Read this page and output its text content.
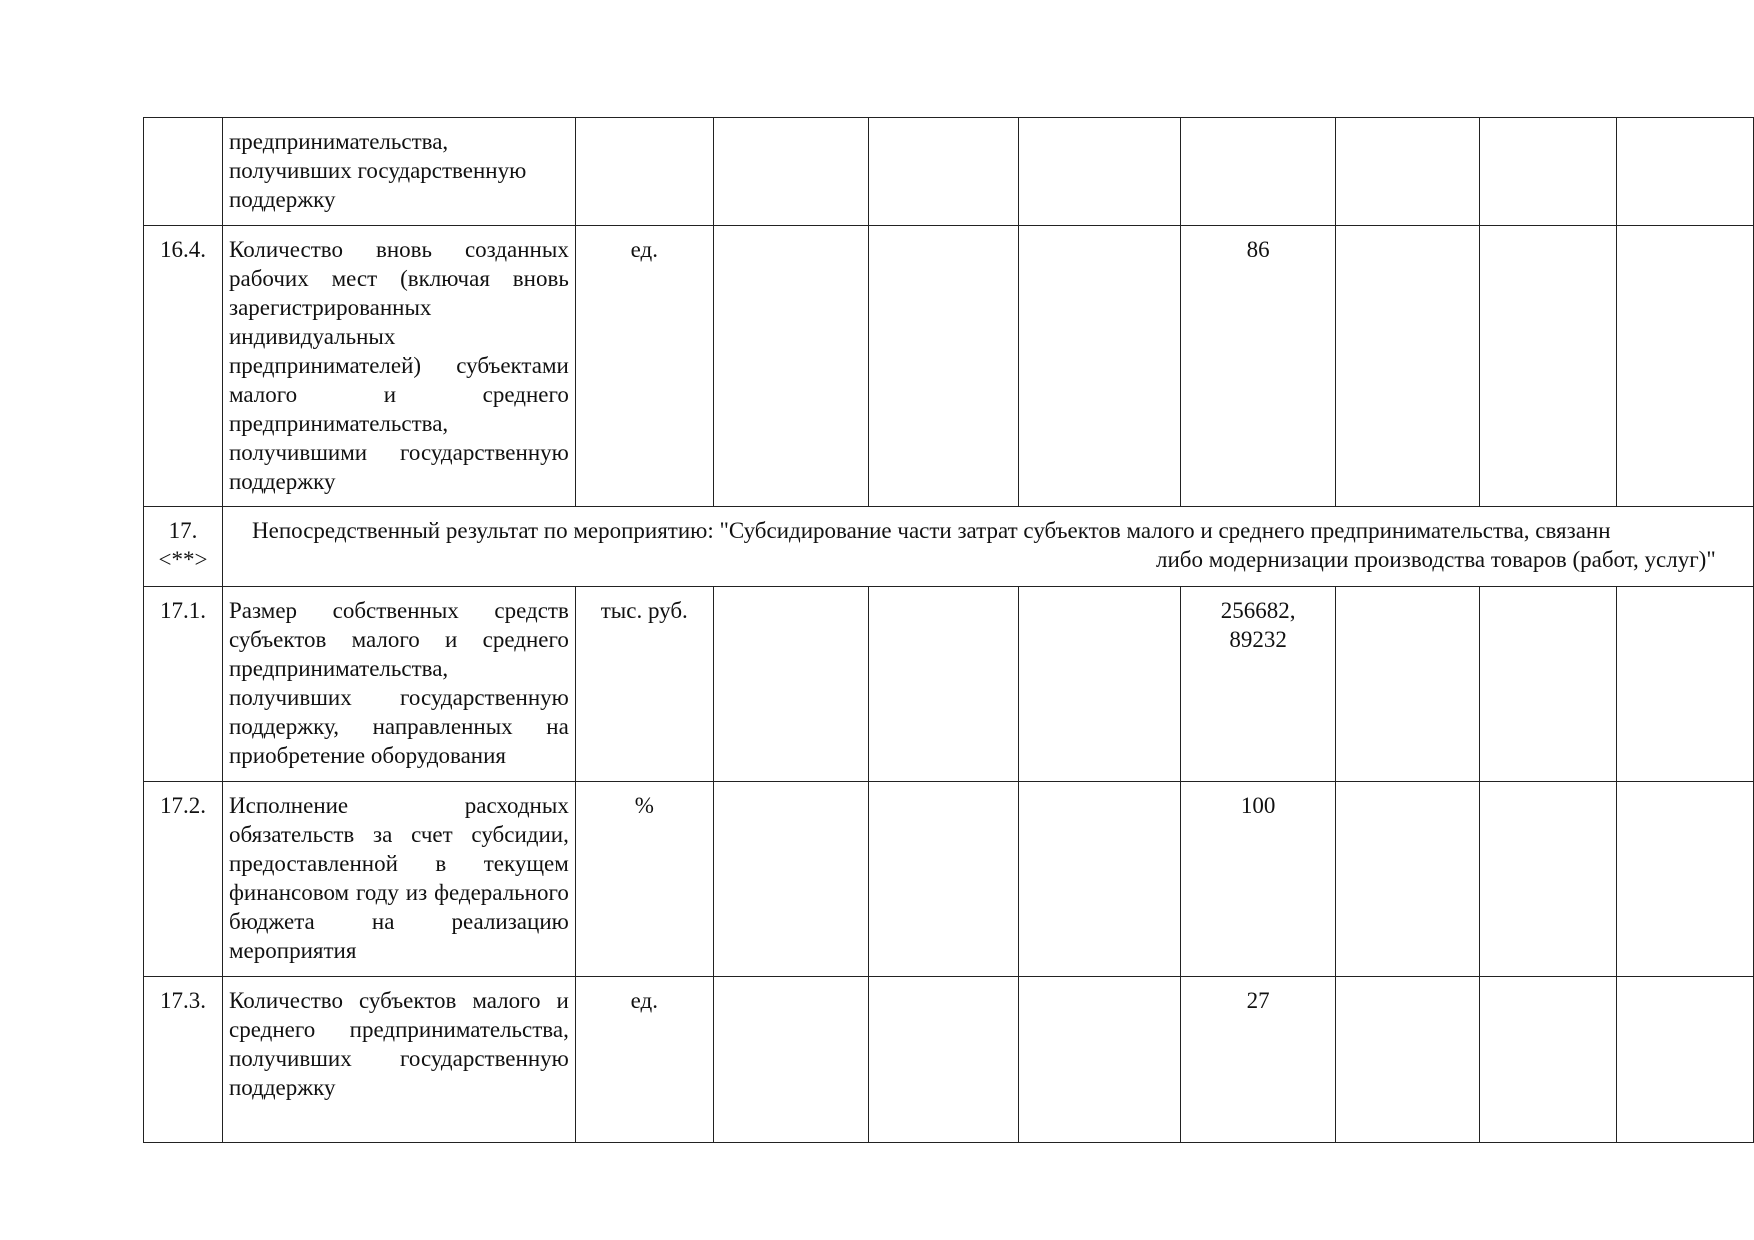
	предпринимательства,
получивших государственную
поддержку								

16.4.	Количество вновь созданных рабочих мест (включая вновь зарегистрированных индивидуальных предпринимателей) субъектами малого и среднего предпринимательства, получившими государственную поддержку	ед.				86			

17.
<**>	Непосредственный результат по мероприятию: "Субсидирование части затрат субъектов малого и среднего предпринимательства, связанн
либо модернизации производства товаров (работ, услуг)"								

17.1.	Размер собственных средств субъектов малого и среднего предпринимательства, получивших государственную поддержку, направленных на приобретение оборудования	тыс. руб.				256682,
89232			

17.2.	Исполнение расходных обязательств за счет субсидии, предоставленной в текущем финансовом году из федерального бюджета на реализацию мероприятия	%				100			
17.3.	Количество субъектов малого и среднего предпринимательства, получивших государственную поддержку	ед.				27			
